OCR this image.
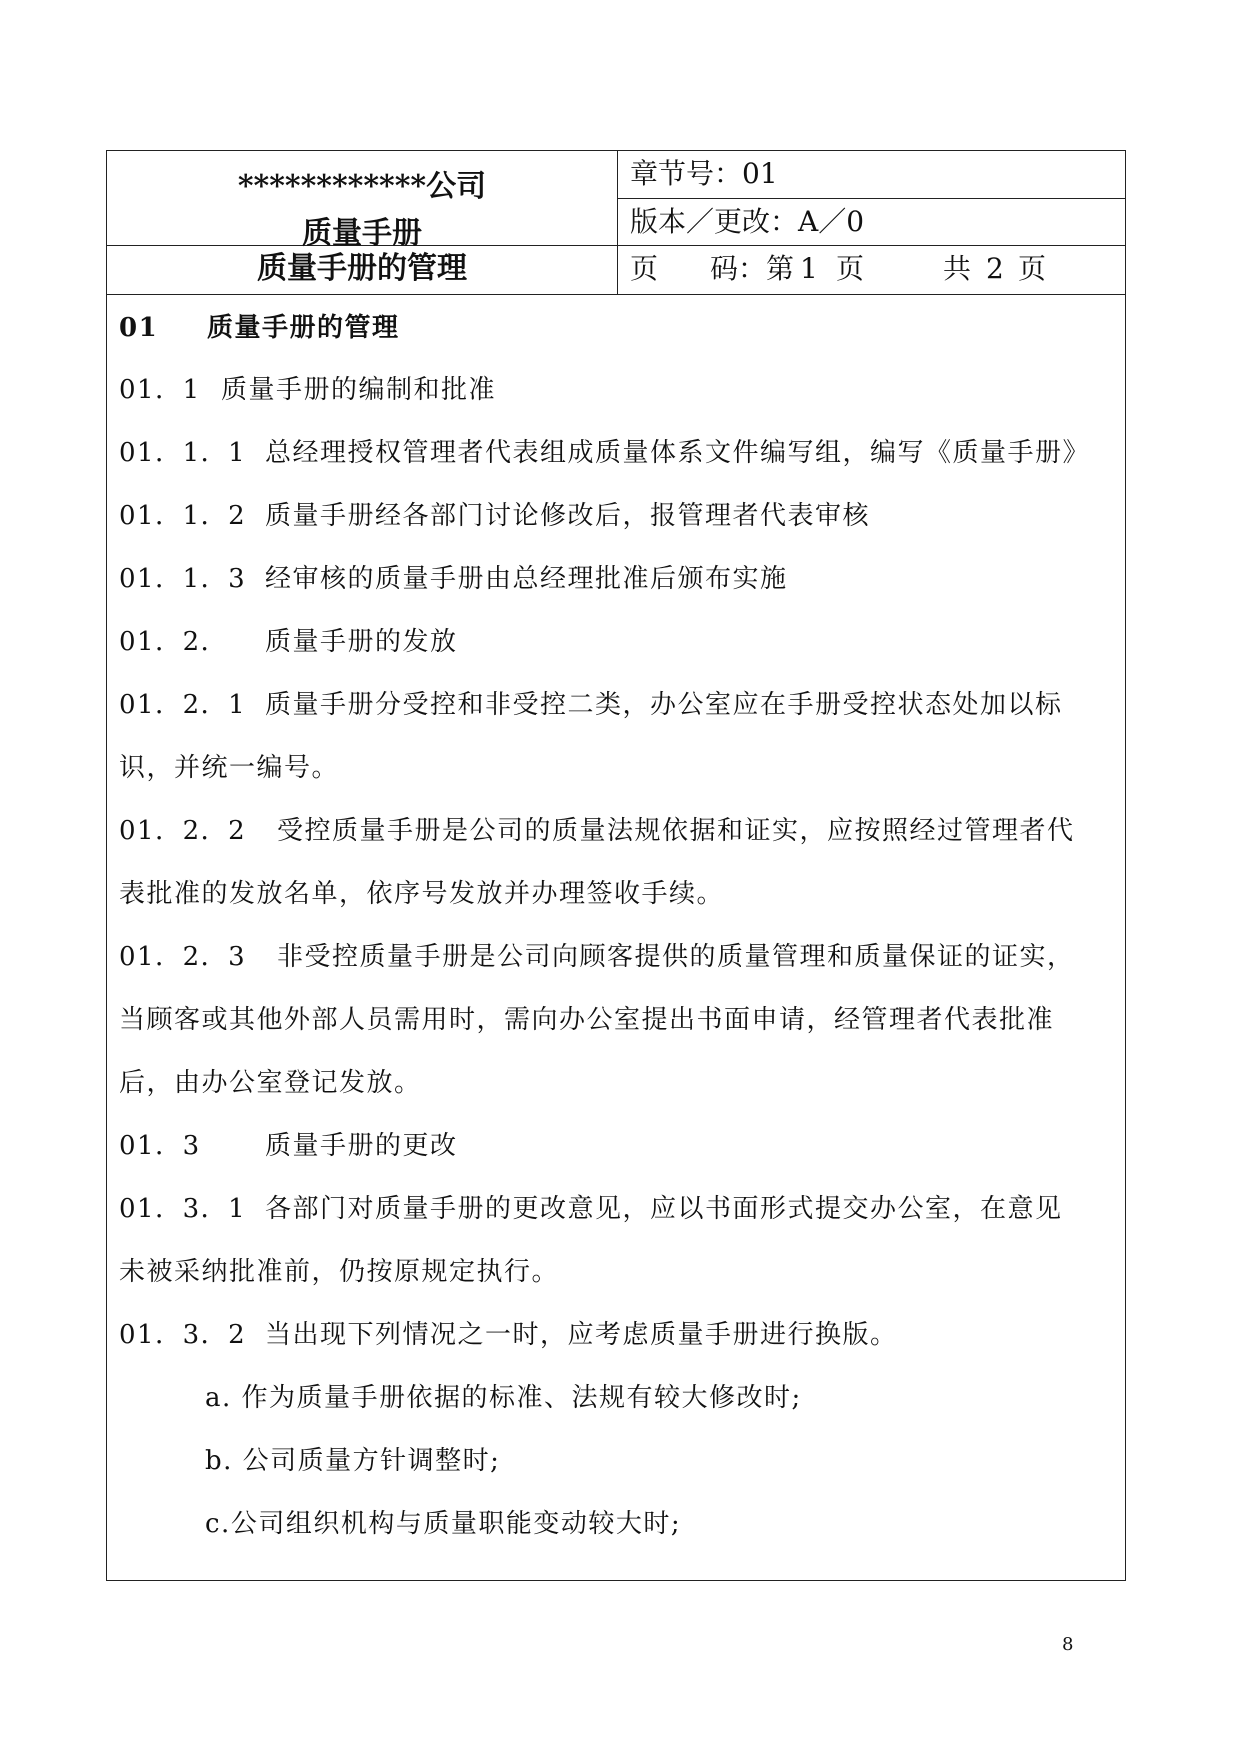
************公司
质量手册
质量手册的管理
章节号：01
版本／更改：A／0
页 码：第 1 页	共 2 页
01 质量手册的管理
01．1 质量手册的编制和批准
01．1．1 总经理授权管理者代表组成质量体系文件编写组，编写《质量手册》
01．1．2 质量手册经各部门讨论修改后，报管理者代表审核
01．1．3 经审核的质量手册由总经理批准后颁布实施
01．2． 质量手册的发放
01．2．1 质量手册分受控和非受控二类，办公室应在手册受控状态处加以标
识，并统一编号。
01．2．2 受控质量手册是公司的质量法规依据和证实，应按照经过管理者代
表批准的发放名单，依序号发放并办理签收手续。
01．2．3 非受控质量手册是公司向顾客提供的质量管理和质量保证的证实，
当顾客或其他外部人员需用时，需向办公室提出书面申请，经管理者代表批准
后，由办公室登记发放。
01．3 质量手册的更改
01．3．1 各部门对质量手册的更改意见，应以书面形式提交办公室，在意见
未被采纳批准前，仍按原规定执行。
01．3．2 当出现下列情况之一时，应考虑质量手册进行换版。
a. 作为质量手册依据的标准、法规有较大修改时;
b. 公司质量方针调整时;
c.公司组织机构与质量职能变动较大时;
8
